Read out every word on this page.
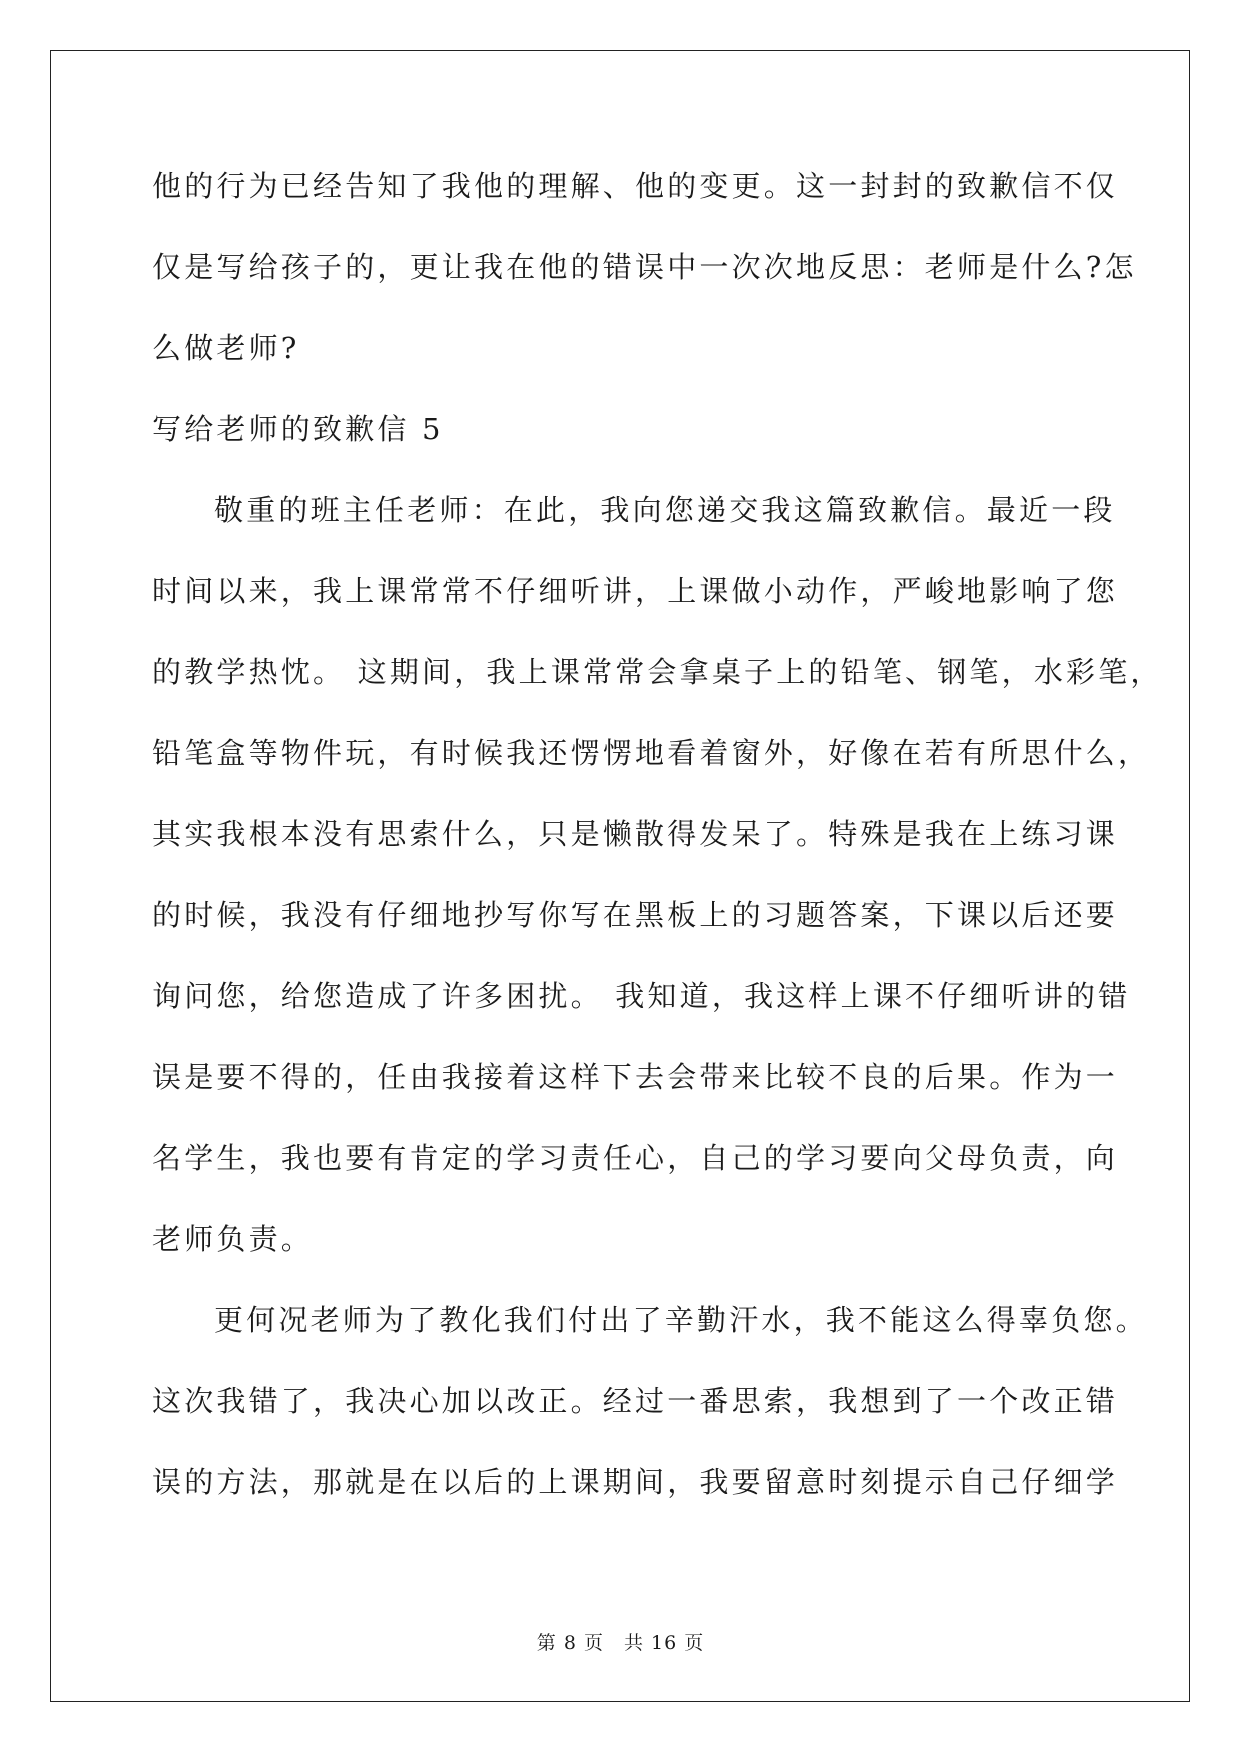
他的行为已经告知了我他的理解、他的变更。这一封封的致歉信不仅
仅是写给孩子的，更让我在他的错误中一次次地反思：老师是什么?怎
么做老师?
写给老师的致歉信 5
敬重的班主任老师：在此，我向您递交我这篇致歉信。最近一段
时间以来，我上课常常不仔细听讲，上课做小动作，严峻地影响了您
的教学热忱。 这期间，我上课常常会拿桌子上的铅笔、钢笔，水彩笔，
铅笔盒等物件玩，有时候我还愣愣地看着窗外，好像在若有所思什么，
其实我根本没有思索什么，只是懒散得发呆了。特殊是我在上练习课
的时候，我没有仔细地抄写你写在黑板上的习题答案，下课以后还要
询问您，给您造成了许多困扰。 我知道，我这样上课不仔细听讲的错
误是要不得的，任由我接着这样下去会带来比较不良的后果。作为一
名学生，我也要有肯定的学习责任心，自己的学习要向父母负责，向
老师负责。
更何况老师为了教化我们付出了辛勤汗水，我不能这么得辜负您。
这次我错了，我决心加以改正。经过一番思索，我想到了一个改正错
误的方法，那就是在以后的上课期间，我要留意时刻提示自己仔细学
第 8 页　共 16 页
